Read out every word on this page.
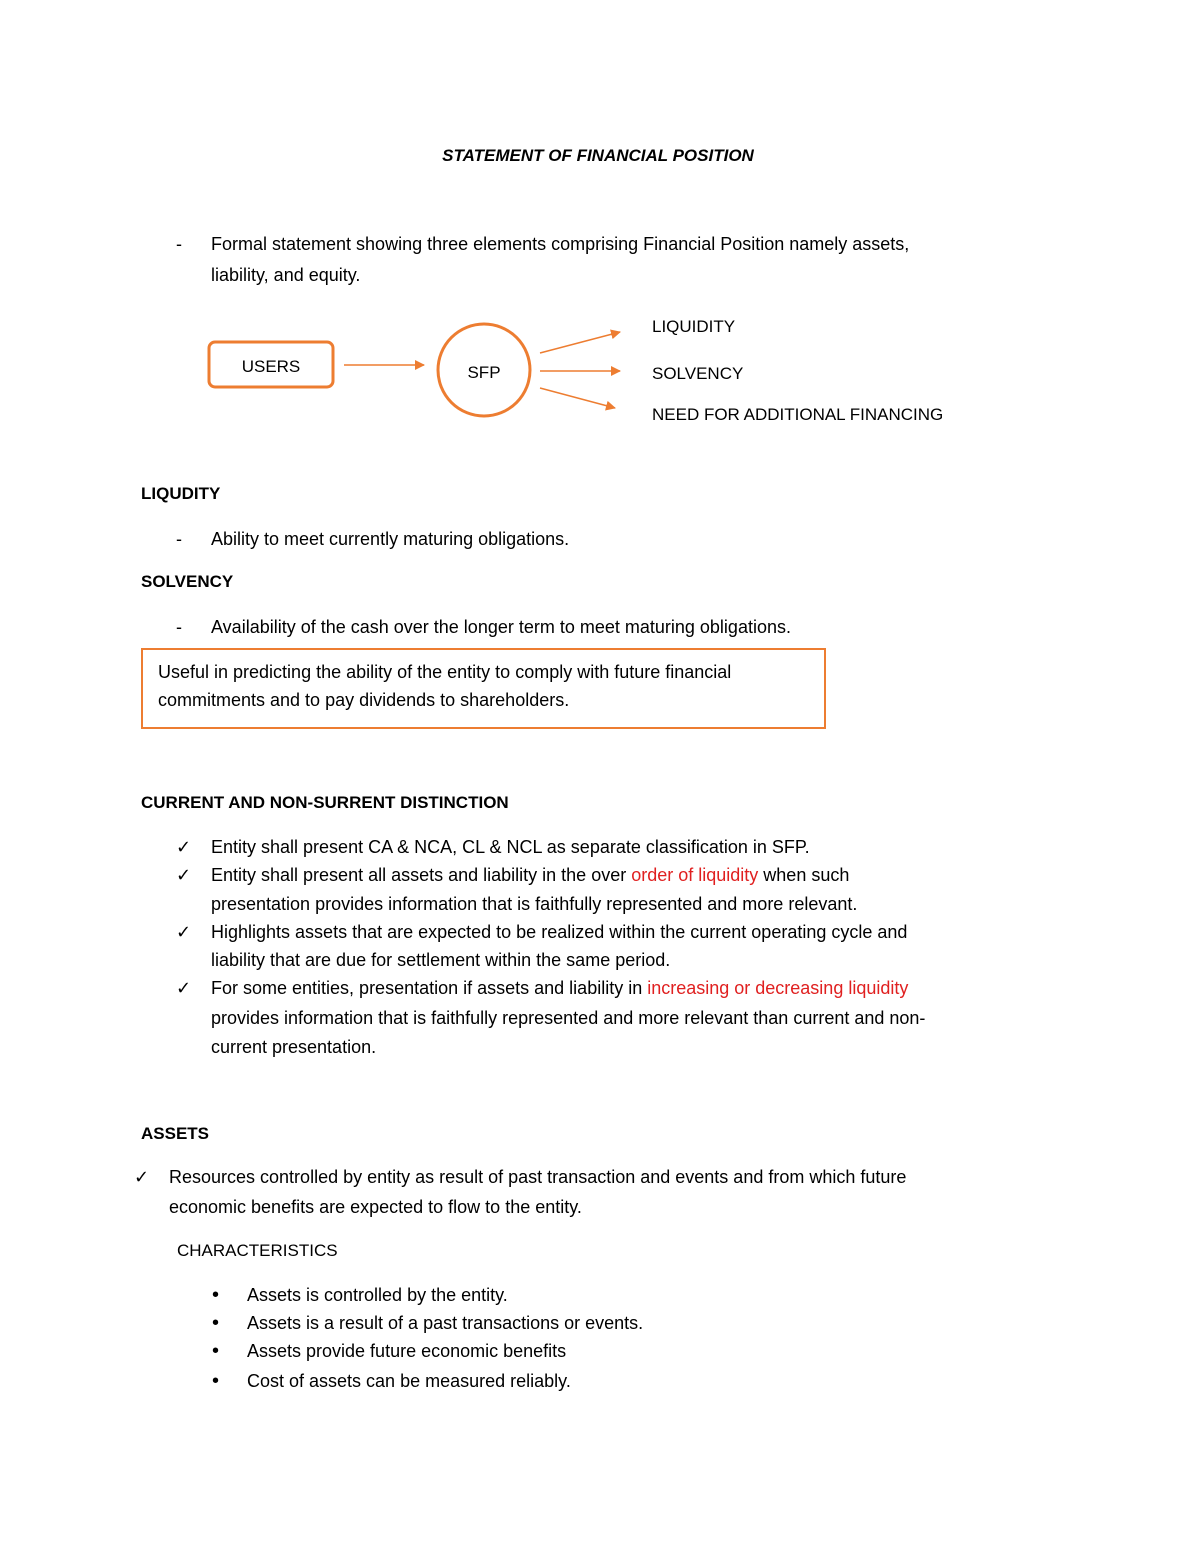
STATEMENT OF FINANCIAL POSITION
- Formal statement showing three elements comprising Financial Position namely assets,
liability, and equity.
USERS	SFP
LIQUIDITY
SOLVENCY
NEED FOR ADDITIONAL FINANCING
LIQUDITY
- Ability to meet currently maturing obligations.
SOLVENCY
- Availability of the cash over the longer term to meet maturing obligations.
Useful in predicting the ability of the entity to comply with future financial
commitments and to pay dividends to shareholders.
CURRENT AND NON-SURRENT DISTINCTION
✓ Entity shall present CA & NCA, CL & NCL as separate classification in SFP.
✓ Entity shall present all assets and liability in the over order of liquidity when such
presentation provides information that is faithfully represented and more relevant.
✓ Highlights assets that are expected to be realized within the current operating cycle and
liability that are due for settlement within the same period.
✓ For some entities, presentation if assets and liability in increasing or decreasing liquidity
provides information that is faithfully represented and more relevant than current and non-
current presentation.
ASSETS
✓ Resources controlled by entity as result of past transaction and events and from which future
economic benefits are expected to flow to the entity.
CHARACTERISTICS
• Assets is controlled by the entity.
• Assets is a result of a past transactions or events.
• Assets provide future economic benefits
• Cost of assets can be measured reliably.
